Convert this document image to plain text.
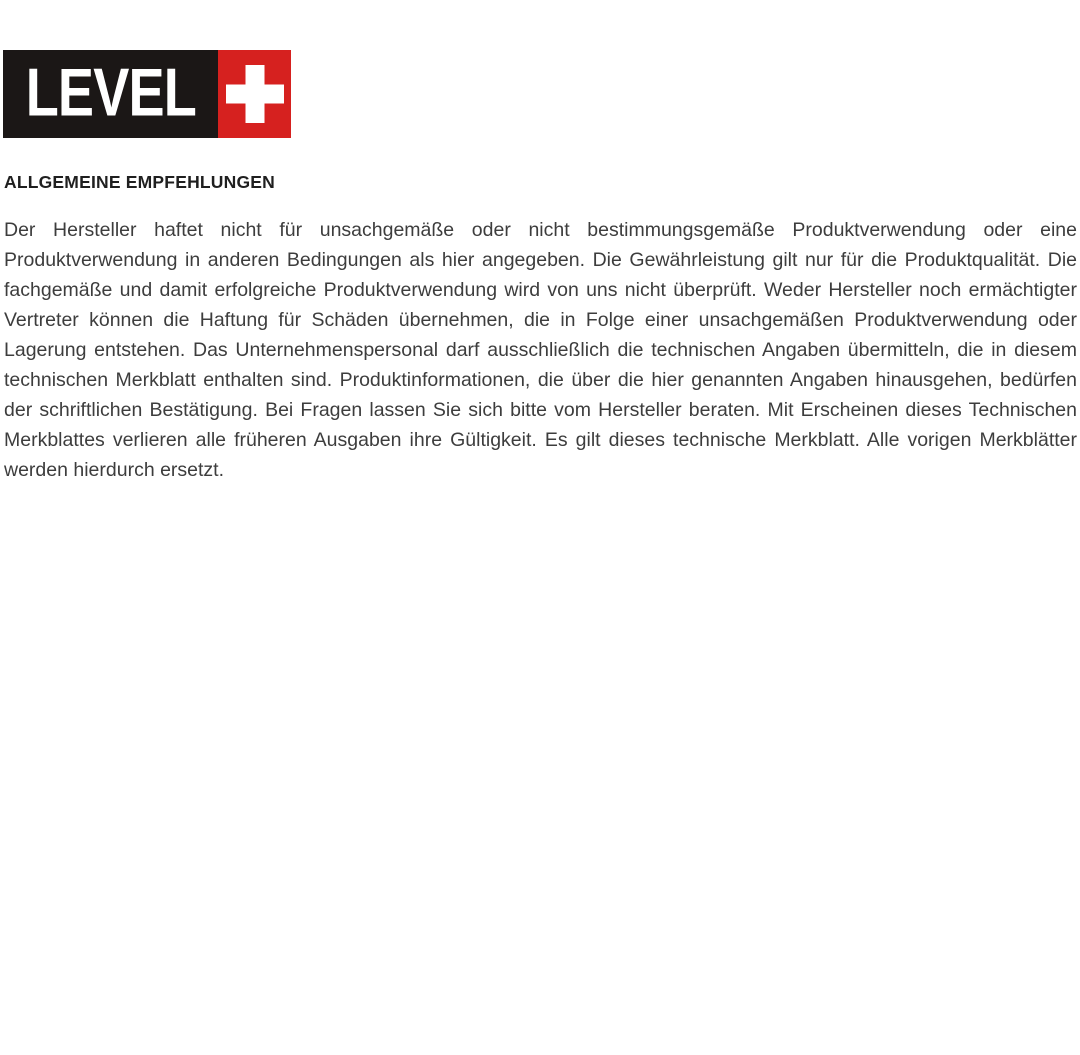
LEVEL
ALLGEMEINE EMPFEHLUNGEN

Der Hersteller haftet nicht für unsachgemäße oder nicht bestimmungsgemäße Produktverwendung oder eine Produktverwendung in anderen Bedingungen als hier angegeben. Die Gewährleistung gilt nur für die Produktqualität. Die fachgemäße und damit erfolgreiche Produktverwendung wird von uns nicht überprüft. Weder Hersteller noch ermächtigter Vertreter können die Haftung für Schäden übernehmen, die in Folge einer unsachgemäßen Produktverwendung oder Lagerung entstehen. Das Unternehmenspersonal darf ausschließlich die technischen Angaben übermitteln, die in diesem technischen Merkblatt enthalten sind. Produktinformationen, die über die hier genannten Angaben hinausgehen, bedürfen der schriftlichen Bestätigung. Bei Fragen lassen Sie sich bitte vom Hersteller beraten. Mit Erscheinen dieses Technischen Merkblattes verlieren alle früheren Ausgaben ihre Gültigkeit. Es gilt dieses technische Merkblatt. Alle vorigen Merkblätter werden hierdurch ersetzt.
